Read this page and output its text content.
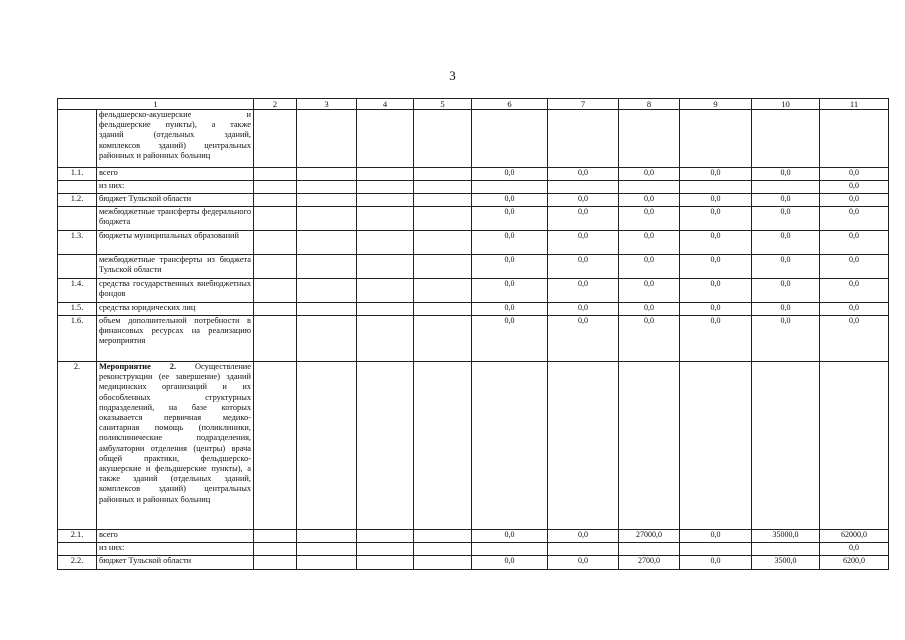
3
1		2	3	4	5	6	7	8	9	10	11

	фельдшерско-акушерские и
фельдшерские пункты), а также
зданий (отдельных зданий,
комплексов зданий) центральных
районных и районных больниц										
1.1.	всего					0,0	0,0	0,0	0,0	0,0	0,0
	из них:										0,0
1.2.	бюджет Тульской области					0,0	0,0	0,0	0,0	0,0	0,0
	межбюджетные трансферты федерального бюджета					0,0	0,0	0,0	0,0	0,0	0,0
1.3.	бюджеты муниципальных образований					0,0	0,0	0,0	0,0	0,0	0,0
	межбюджетные трансферты из бюджета Тульской области					0,0	0,0	0,0	0,0	0,0	0,0
1.4.	средства государственных внебюджетных фондов					0,0	0,0	0,0	0,0	0,0	0,0
1.5.	средства юридических лиц					0,0	0,0	0,0	0,0	0,0	0,0
1.6.	объем дополнительной потребности в финансовых ресурсах на реализацию мероприятия					0,0	0,0	0,0	0,0	0,0	0,0
2.	Мероприятие 2. Осуществление реконструкции (ее завершение) зданий медицинских организаций и их обособленных структурных подразделений, на базе которых оказывается первичная медико-санитарная помощь (поликлиники, поликлинические подразделения, амбулатории отделения (центры) врача общей практики, фельдшерско-акушерские и фельдшерские пункты), а также зданий (отдельных зданий, комплексов зданий) центральных районных и районных больниц										
2.1.	всего					0,0	0,0	27000,0	0,0	35000,0	62000,0
	из них:										0,0
2.2.	бюджет Тульской области					0,0	0,0	2700,0	0,0	3500,0	6200,0
